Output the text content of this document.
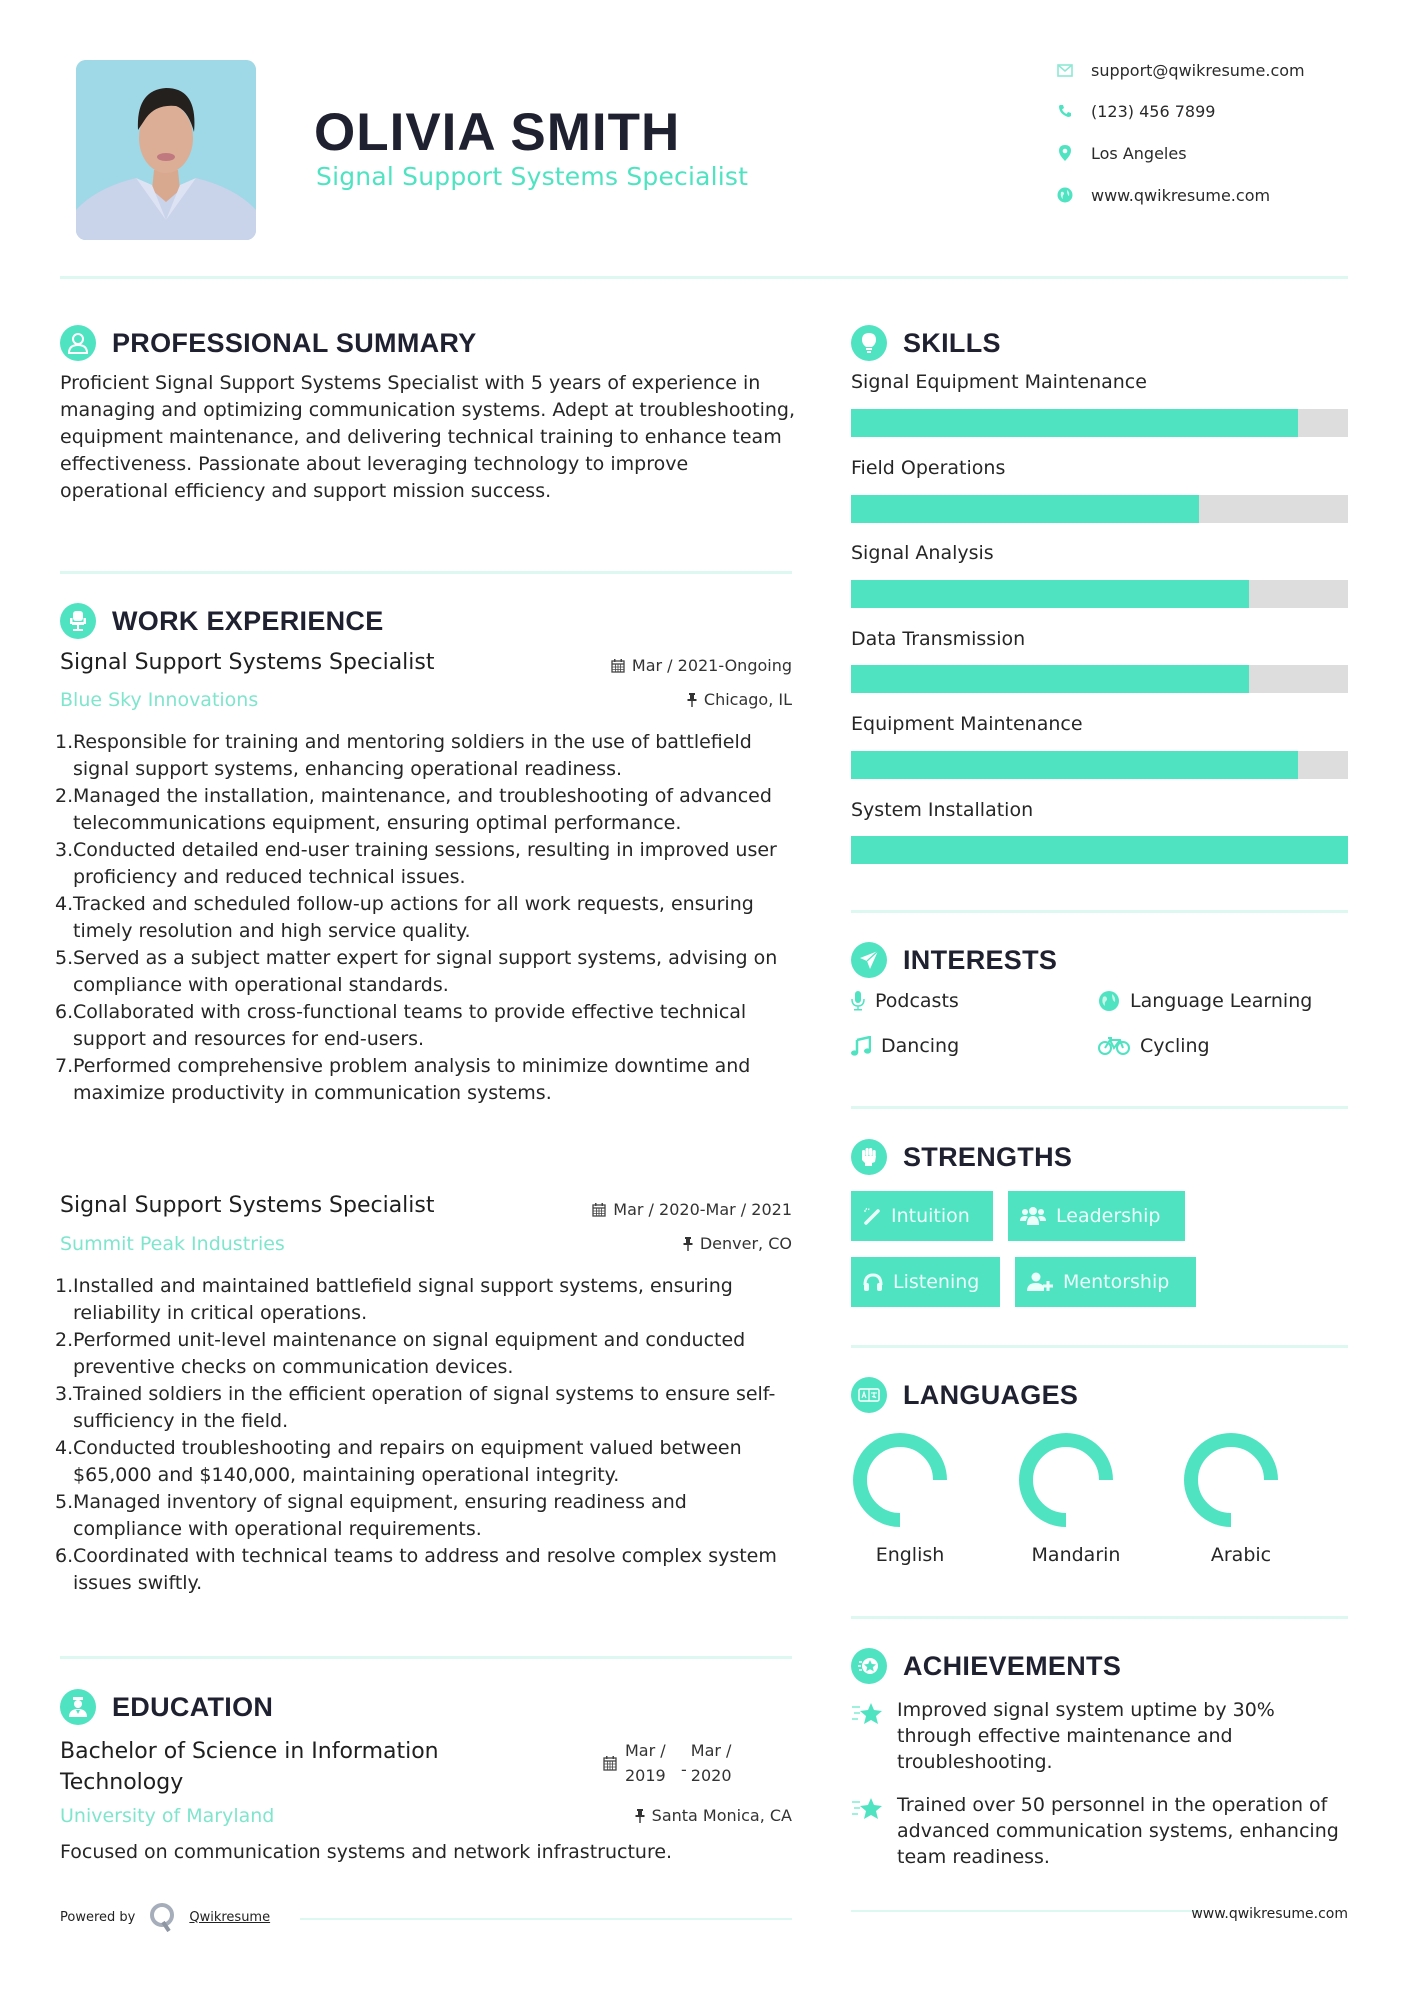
OLIVIA SMITH
Signal Support Systems Specialist
support@qwikresume.com
(123) 456 7899
Los Angeles
www.qwikresume.com
PROFESSIONAL SUMMARY
Proficient Signal Support Systems Specialist with 5 years of experience in managing and optimizing communication systems. Adept at troubleshooting, equipment maintenance, and delivering technical training to enhance team effectiveness. Passionate about leveraging technology to improve operational efficiency and support mission success.
WORK EXPERIENCE
Signal Support Systems Specialist	Mar / 2021-Ongoing
Blue Sky Innovations	Chicago, IL
1. Responsible for training and mentoring soldiers in the use of battlefield signal support systems, enhancing operational readiness.
2. Managed the installation, maintenance, and troubleshooting of advanced telecommunications equipment, ensuring optimal performance.
3. Conducted detailed end-user training sessions, resulting in improved user proficiency and reduced technical issues.
4. Tracked and scheduled follow-up actions for all work requests, ensuring timely resolution and high service quality.
5. Served as a subject matter expert for signal support systems, advising on compliance with operational standards.
6. Collaborated with cross-functional teams to provide effective technical support and resources for end-users.
7. Performed comprehensive problem analysis to minimize downtime and maximize productivity in communication systems.
Signal Support Systems Specialist	Mar / 2020-Mar / 2021
Summit Peak Industries	Denver, CO
1. Installed and maintained battlefield signal support systems, ensuring reliability in critical operations.
2. Performed unit-level maintenance on signal equipment and conducted preventive checks on communication devices.
3. Trained soldiers in the efficient operation of signal systems to ensure self-sufficiency in the field.
4. Conducted troubleshooting and repairs on equipment valued between $65,000 and $140,000, maintaining operational integrity.
5. Managed inventory of signal equipment, ensuring readiness and compliance with operational requirements.
6. Coordinated with technical teams to address and resolve complex system issues swiftly.
EDUCATION
Bachelor of Science in Information Technology
Mar /
2019 -
Mar /
2020
University of Maryland	Santa Monica, CA
Focused on communication systems and network infrastructure.
Powered by	Qwikresume
SKILLS
Signal Equipment Maintenance
Field Operations
Signal Analysis
Data Transmission
Equipment Maintenance
System Installation
INTERESTS
Podcasts	Language Learning
Dancing	Cycling
STRENGTHS
Intuition	Leadership
Listening	Mentorship
LANGUAGES
English	Mandarin	Arabic
ACHIEVEMENTS
Improved signal system uptime by 30% through effective maintenance and troubleshooting.
Trained over 50 personnel in the operation of advanced communication systems, enhancing team readiness.
www.qwikresume.com
